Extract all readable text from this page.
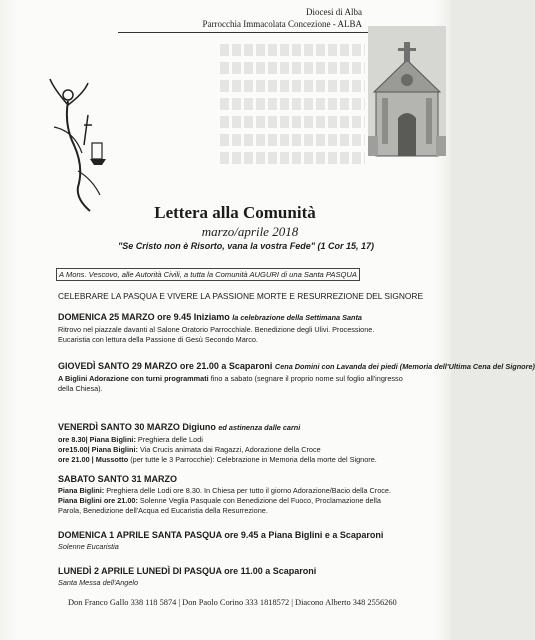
Diocesi di Alba
Parrocchia Immacolata Concezione - ALBA
Lettera alla Comunità
marzo/aprile 2018
"Se Cristo non è Risorto, vana la vostra Fede" (1 Cor 15, 17)
A Mons. Vescovo, alle Autorità Civili, a tutta la Comunità AUGURI di una Santa PASQUA
CELEBRARE LA PASQUA E VIVERE LA PASSIONE MORTE E RESURREZIONE DEL SIGNORE
DOMENICA 25 MARZO ore 9.45 Iniziamo la celebrazione della Settimana Santa
Ritrovo nel piazzale davanti al Salone Oratorio Parrocchiale. Benedizione degli Ulivi. Processione. Eucaristia con lettura della Passione di Gesù Secondo Marco.
GIOVEDÌ SANTO 29 MARZO ore 21.00 a Scaparoni Cena Domini con Lavanda dei piedi (Memoria dell'Ultima Cena del Signore)
A Biglini Adorazione con turni programmati fino a sabato (segnare il proprio nome sul foglio all'ingresso della Chiesa).
VENERDÌ SANTO 30 MARZO Digiuno ed astinenza dalle carni
ore 8.30| Piana Biglini: Preghiera delle Lodi
ore15.00| Piana Biglini: Via Crucis animata dai Ragazzi, Adorazione della Croce
ore 21.00 | Mussotto (per tutte le 3 Parrocchie): Celebrazione in Memoria della morte del Signore.
SABATO SANTO 31 MARZO
Piana Biglini: Preghiera delle Lodi ore 8.30. In Chiesa per tutto il giorno Adorazione/Bacio della Croce.
Piana Biglini ore 21.00: Solenne Veglia Pasquale con Benedizione del Fuoco, Proclamazione della Parola, Benedizione dell'Acqua ed Eucaristia della Resurrezione.
DOMENICA 1 APRILE SANTA PASQUA ore 9.45 a Piana Biglini e a Scaparoni
Solenne Eucaristia
LUNEDÌ 2 APRILE LUNEDÌ DI PASQUA ore 11.00 a Scaparoni
Santa Messa dell'Angelo
Don Franco Gallo 338 118 5874 | Don Paolo Corino 333 1818572 | Diacono Alberto 348 2556260
